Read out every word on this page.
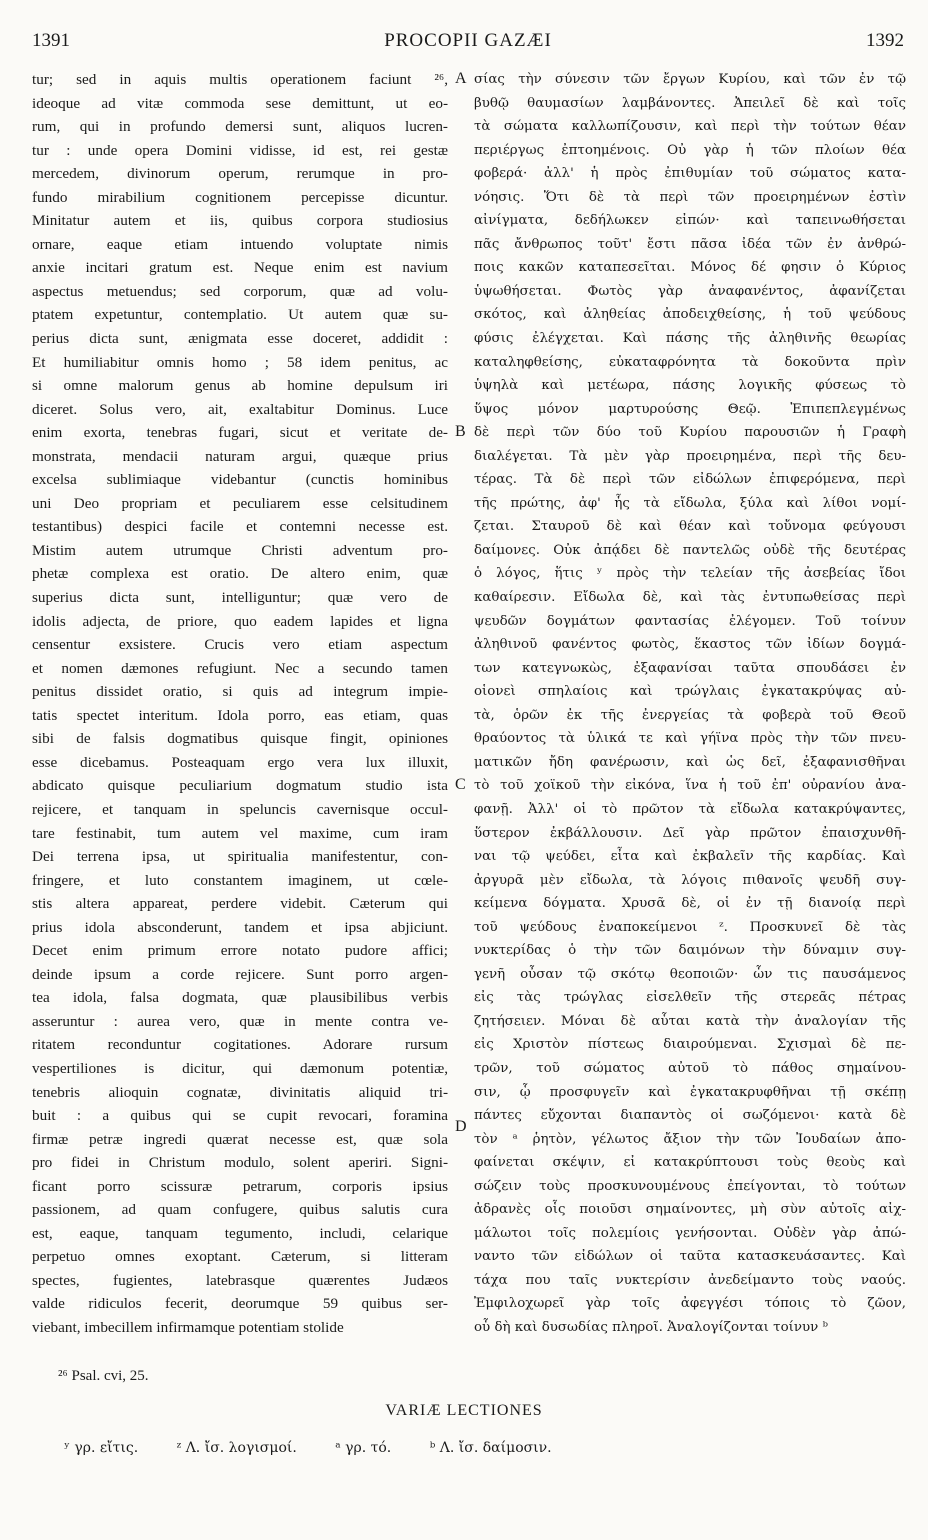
1391	PROCOPII GAZÆI	1392
tur; sed in aquis multis operationem faciunt ²⁶,
ideoque ad vitæ commoda sese demittunt, ut eo-
rum, qui in profundo demersi sunt, aliquos lucren-
tur : unde opera Domini vidisse, id est, rei gestæ
mercedem, divinorum operum, rerumque in pro-
fundo mirabilium cognitionem percepisse dicuntur.
Minitatur autem et iis, quibus corpora studiosius
ornare, eaque etiam intuendo voluptate nimis
anxie incitari gratum est. Neque enim est navium
aspectus metuendus; sed corporum, quæ ad volu-
ptatem expetuntur, contemplatio. Ut autem quæ su-
perius dicta sunt, ænigmata esse doceret, addidit :
Et humiliabitur omnis homo ; 58 idem penitus, ac
si omne malorum genus ab homine depulsum iri
diceret. Solus vero, ait, exaltabitur Dominus. Luce
enim exorta, tenebras fugari, sicut et veritate de-
monstrata, mendacii naturam argui, quæque prius
excelsa sublimiaque videbantur (cunctis hominibus
uni Deo propriam et peculiarem esse celsitudinem
testantibus) despici facile et contemni necesse est.
Mistim autem utrumque Christi adventum pro-
phetæ complexa est oratio. De altero enim, quæ
superius dicta sunt, intelliguntur; quæ vero de
idolis adjecta, de priore, quo eadem lapides et ligna
censentur exsistere. Crucis vero etiam aspectum
et nomen dæmones refugiunt. Nec a secundo tamen
penitus dissidet oratio, si quis ad integrum impie-
tatis spectet interitum. Idola porro, eas etiam, quas
sibi de falsis dogmatibus quisque fingit, opiniones
esse dicebamus. Posteaquam ergo vera lux illuxit,
abdicato quisque peculiarium dogmatum studio ista
rejicere, et tanquam in speluncis cavernisque occul-
tare festinabit, tum autem vel maxime, cum iram
Dei terrena ipsa, ut spiritualia manifestentur, con-
fringere, et luto constantem imaginem, ut cœle-
stis altera appareat, perdere videbit. Cæterum qui
prius idola absconderunt, tandem et ipsa abjiciunt.
Decet enim primum errore notato pudore affici;
deinde ipsum a corde rejicere. Sunt porro argen-
tea idola, falsa dogmata, quæ plausibilibus verbis
asseruntur : aurea vero, quæ in mente contra ve-
ritatem reconduntur cogitationes. Adorare rursum
vespertiliones is dicitur, qui dæmonum potentiæ,
tenebris alioquin cognatæ, divinitatis aliquid tri-
buit : a quibus qui se cupit revocari, foramina
firmæ petræ ingredi quærat necesse est, quæ sola
pro fidei in Christum modulo, solent aperiri. Signi-
ficant porro scissuræ petrarum, corporis ipsius
passionem, ad quam confugere, quibus salutis cura
est, eaque, tanquam tegumento, includi, celarique
perpetuo omnes exoptant. Cæterum, si litteram
spectes, fugientes, latebrasque quærentes Judæos
valde ridiculos fecerit, deorumque 59 quibus ser-
viebant, imbecillem infirmamque potentiam stolide
σίας τὴν σύνεσιν τῶν ἔργων Κυρίου, καὶ τῶν ἐν τῷ
βυθῷ θαυμασίων λαμβάνοντες. Ἀπειλεῖ δὲ καὶ τοῖς
τὰ σώματα καλλωπίζουσιν, καὶ περὶ τὴν τούτων θέαν
περιέργως ἐπτοημένοις. Οὐ γὰρ ἡ τῶν πλοίων θέα
φοβερά· ἀλλ' ἡ πρὸς ἐπιθυμίαν τοῦ σώματος κατα-
νόησις. Ὅτι δὲ τὰ περὶ τῶν προειρημένων ἐστὶν
αἰνίγματα, δεδήλωκεν εἰπών· καὶ ταπεινωθήσεται
πᾶς ἄνθρωπος τοῦτ' ἔστι πᾶσα ἰδέα τῶν ἐν ἀνθρώ-
ποις κακῶν καταπεσεῖται. Μόνος δέ φησιν ὁ Κύριος
ὑψωθήσεται. Φωτὸς γὰρ ἀναφανέντος, ἀφανίζεται
σκότος, καὶ ἀληθείας ἀποδειχθείσης, ἡ τοῦ ψεύδους
φύσις ἐλέγχεται. Καὶ πάσης τῆς ἀληθινῆς θεωρίας
καταληφθείσης, εὐκαταφρόνητα τὰ δοκοῦντα πρὶν
ὑψηλὰ καὶ μετέωρα, πάσης λογικῆς φύσεως τὸ
ὕψος μόνον μαρτυρούσης Θεῷ. Ἐπιπεπλεγμένως
δὲ περὶ τῶν δύο τοῦ Κυρίου παρουσιῶν ἡ Γραφὴ
διαλέγεται. Τὰ μὲν γὰρ προειρημένα, περὶ τῆς δευ-
τέρας. Τὰ δὲ περὶ τῶν εἰδώλων ἐπιφερόμενα, περὶ
τῆς πρώτης, ἀφ' ἧς τὰ εἴδωλα, ξύλα καὶ λίθοι νομί-
ζεται. Σταυροῦ δὲ καὶ θέαν καὶ τοὔνομα φεύγουσι
δαίμονες. Οὐκ ἀπᾴδει δὲ παντελῶς οὐδὲ τῆς δευτέρας
ὁ λόγος, ἥτις ʸ πρὸς τὴν τελείαν τῆς ἀσεβείας ἴδοι
καθαίρεσιν. Εἴδωλα δὲ, καὶ τὰς ἐντυπωθείσας περὶ
ψευδῶν δογμάτων φαντασίας ἐλέγομεν. Τοῦ τοίνυν
ἀληθινοῦ φανέντος φωτὸς, ἕκαστος τῶν ἰδίων δογμά-
των κατεγνωκὼς, ἐξαφανίσαι ταῦτα σπουδάσει ἐν
οἱονεὶ σπηλαίοις καὶ τρώγλαις ἐγκατακρύψας αὐ-
τὰ, ὁρῶν ἐκ τῆς ἐνεργείας τὰ φοβερὰ τοῦ Θεοῦ
θραύοντος τὰ ὑλικά τε καὶ γήϊνα πρὸς τὴν τῶν πνευ-
ματικῶν ἤδη φανέρωσιν, καὶ ὡς δεῖ, ἐξαφανισθῆναι
τὸ τοῦ χοϊκοῦ τὴν εἰκόνα, ἵνα ἡ τοῦ ἐπ' οὐρανίου ἀνα-
φανῇ. Ἀλλ' οἱ τὸ πρῶτον τὰ εἴδωλα κατακρύψαντες,
ὕστερον ἐκβάλλουσιν. Δεῖ γὰρ πρῶτον ἐπαισχυνθῆ-
ναι τῷ ψεύδει, εἶτα καὶ ἐκβαλεῖν τῆς καρδίας. Καὶ
ἀργυρᾶ μὲν εἴδωλα, τὰ λόγοις πιθανοῖς ψευδῆ συγ-
κείμενα δόγματα. Χρυσᾶ δὲ, οἱ ἐν τῇ διανοίᾳ περὶ
τοῦ ψεύδους ἐναποκείμενοι ᶻ. Προσκυνεῖ δὲ τὰς
νυκτερίδας ὁ τὴν τῶν δαιμόνων τὴν δύναμιν συγ-
γενῆ οὖσαν τῷ σκότῳ θεοποιῶν· ὧν τις παυσάμενος
εἰς τὰς τρώγλας εἰσελθεῖν τῆς στερεᾶς πέτρας
ζητήσειεν. Μόναι δὲ αὗται κατὰ τὴν ἀναλογίαν τῆς
εἰς Χριστὸν πίστεως διαιρούμεναι. Σχισμαὶ δὲ πε-
τρῶν, τοῦ σώματος αὐτοῦ τὸ πάθος σημαίνου-
σιν, ᾧ προσφυγεῖν καὶ ἐγκατακρυφθῆναι τῇ σκέπῃ
πάντες εὔχονται διαπαντὸς οἱ σωζόμενοι· κατὰ δὲ
τὸν ᵃ ῥητὸν, γέλωτος ἄξιον τὴν τῶν Ἰουδαίων ἀπο-
φαίνεται σκέψιν, εἰ κατακρύπτουσι τοὺς θεοὺς καὶ
σώζειν τοὺς προσκυνουμένους ἐπείγονται, τὸ τούτων
ἀδρανὲς οἷς ποιοῦσι σημαίνοντες, μὴ σὺν αὐτοῖς αἰχ-
μάλωτοι τοῖς πολεμίοις γενήσονται. Οὐδὲν γὰρ ἀπώ-
ναντο τῶν εἰδώλων οἱ ταῦτα κατασκευάσαντες. Καὶ
τάχα που ταῖς νυκτερίσιν ἀνεδείμαντο τοὺς ναούς.
Ἐμφιλοχωρεῖ γὰρ τοῖς ἀφεγγέσι τόποις τὸ ζῶον,
οὗ δὴ καὶ δυσωδίας πληροῖ. Ἀναλογίζονται τοίνυν ᵇ
A
B
C
D
²⁶ Psal. cvi, 25.
VARIÆ LECTIONES
ʸ γρ. εἴτις.	ᶻ Λ. ἴσ. λογισμοί.	ᵃ γρ. τό.	ᵇ Λ. ἴσ. δαίμοσιν.
